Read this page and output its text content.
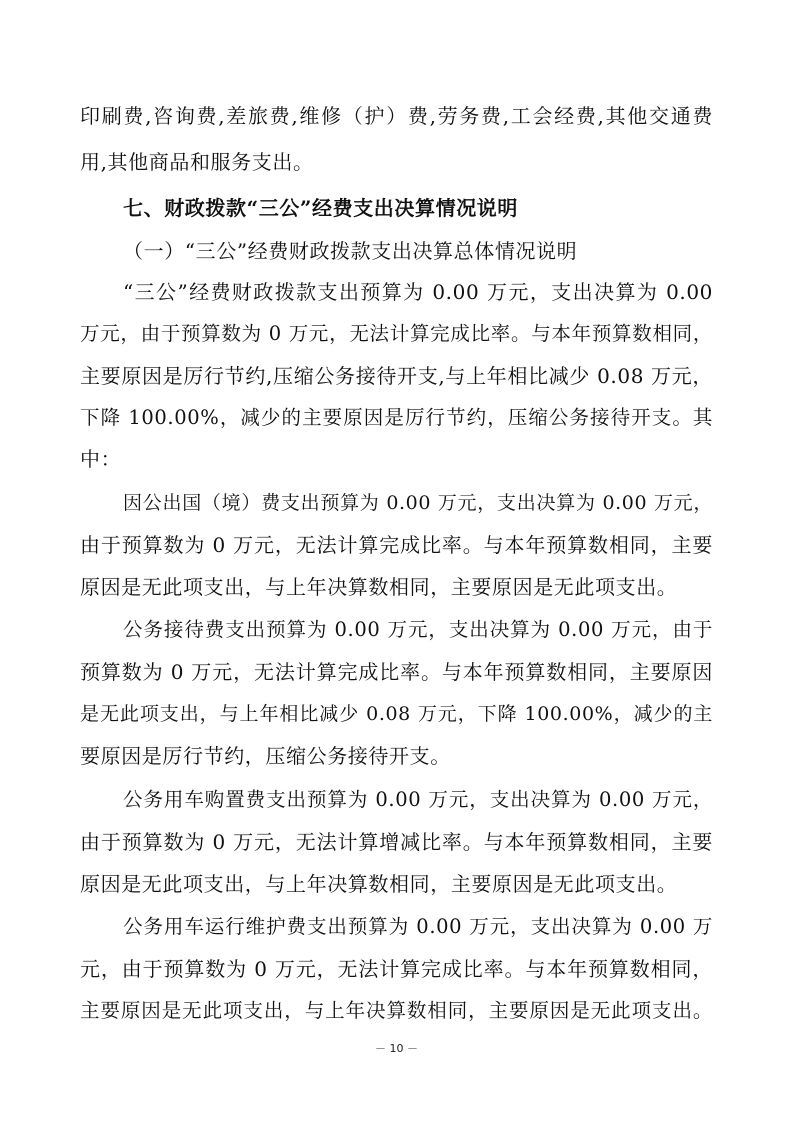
印刷费,咨询费,差旅费,维修（护）费,劳务费,工会经费,其他交通费
用,其他商品和服务支出。
七、财政拨款“三公”经费支出决算情况说明
（一）“三公”经费财政拨款支出决算总体情况说明
“三公”经费财政拨款支出预算为 0.00 万元，支出决算为 0.00
万元，由于预算数为 0 万元，无法计算完成比率。与本年预算数相同，
主要原因是厉行节约,压缩公务接待开支,与上年相比减少 0.08 万元，
下降 100.00%，减少的主要原因是厉行节约，压缩公务接待开支。其
中：
因公出国（境）费支出预算为 0.00 万元，支出决算为 0.00 万元，
由于预算数为 0 万元，无法计算完成比率。与本年预算数相同，主要
原因是无此项支出，与上年决算数相同，主要原因是无此项支出。
公务接待费支出预算为 0.00 万元，支出决算为 0.00 万元，由于
预算数为 0 万元，无法计算完成比率。与本年预算数相同，主要原因
是无此项支出，与上年相比减少 0.08 万元，下降 100.00%，减少的主
要原因是厉行节约，压缩公务接待开支。
公务用车购置费支出预算为 0.00 万元，支出决算为 0.00 万元，
由于预算数为 0 万元，无法计算增减比率。与本年预算数相同，主要
原因是无此项支出，与上年决算数相同，主要原因是无此项支出。
公务用车运行维护费支出预算为 0.00 万元，支出决算为 0.00 万
元，由于预算数为 0 万元，无法计算完成比率。与本年预算数相同，
主要原因是无此项支出，与上年决算数相同，主要原因是无此项支出。
－ 10 －
